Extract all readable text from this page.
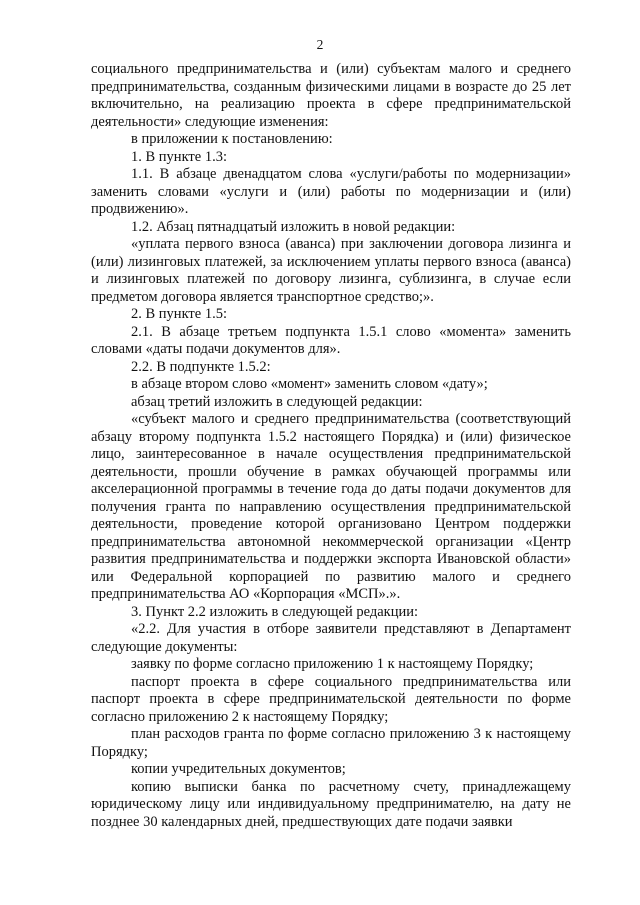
2

социального предпринимательства и (или) субъектам малого и среднего предпринимательства, созданным физическими лицами в возрасте до 25 лет включительно, на реализацию проекта в сфере предпринимательской деятельности» следующие изменения:

в приложении к постановлению:

1. В пункте 1.3:

1.1. В абзаце двенадцатом слова «услуги/работы по модернизации» заменить словами «услуги и (или) работы по модернизации и (или) продвижению».

1.2. Абзац пятнадцатый изложить в новой редакции:

«уплата первого взноса (аванса) при заключении договора лизинга и (или) лизинговых платежей, за исключением уплаты первого взноса (аванса) и лизинговых платежей по договору лизинга, сублизинга, в случае если предметом договора является транспортное средство;».

2. В пункте 1.5:

2.1. В абзаце третьем подпункта 1.5.1 слово «момента» заменить словами «даты подачи документов для».

2.2. В подпункте 1.5.2:

в абзаце втором слово «момент» заменить словом «дату»;

абзац третий изложить в следующей редакции:

«субъект малого и среднего предпринимательства (соответствующий абзацу второму подпункта 1.5.2 настоящего Порядка) и (или) физическое лицо, заинтересованное в начале осуществления предпринимательской деятельности, прошли обучение в рамках обучающей программы или акселерационной программы в течение года до даты подачи документов для получения гранта по направлению осуществления предпринимательской деятельности, проведение которой организовано Центром поддержки предпринимательства автономной некоммерческой организации «Центр развития предпринимательства и поддержки экспорта Ивановской области» или Федеральной корпорацией по развитию малого и среднего предпринимательства АО «Корпорация «МСП».».

3. Пункт 2.2 изложить в следующей редакции:

«2.2. Для участия в отборе заявители представляют в Департамент следующие документы:

заявку по форме согласно приложению 1 к настоящему Порядку;

паспорт проекта в сфере социального предпринимательства или паспорт проекта в сфере предпринимательской деятельности по форме согласно приложению 2 к настоящему Порядку;

план расходов гранта по форме согласно приложению 3 к настоящему Порядку;

копии учредительных документов;

копию выписки банка по расчетному счету, принадлежащему юридическому лицу или индивидуальному предпринимателю, на дату не позднее 30 календарных дней, предшествующих дате подачи заявки
